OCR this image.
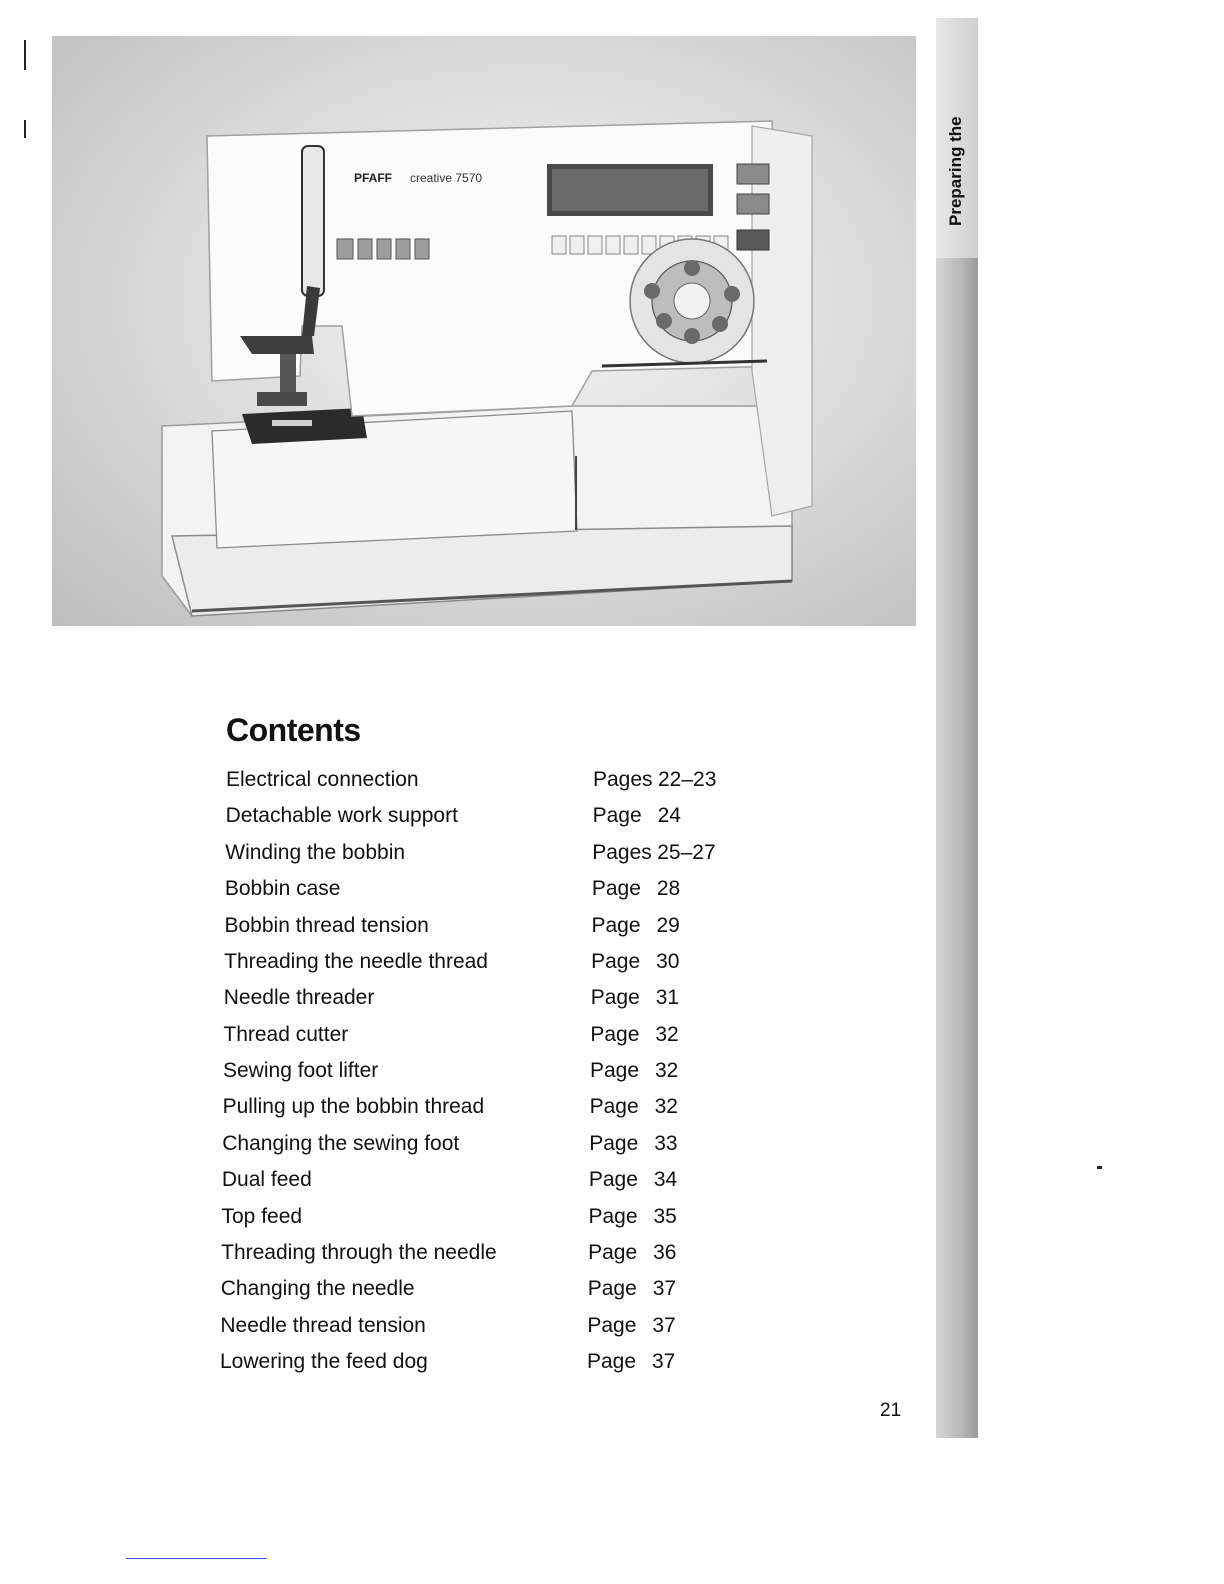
PFAFF creative 7570	Preparing the
Contents
Electrical connection	Pages 22–23
Detachable work support	Page 24
Winding the bobbin	Pages 25–27
Bobbin case	Page 28
Bobbin thread tension	Page 29
Threading the needle thread	Page 30
Needle threader	Page 31
Thread cutter	Page 32
Sewing foot lifter	Page 32
Pulling up the bobbin thread	Page 32
Changing the sewing foot	Page 33
Dual feed	Page 34
Top feed	Page 35
Threading through the needle	Page 36
Changing the needle	Page 37
Needle thread tension	Page 37
Lowering the feed dog	Page 37
21
